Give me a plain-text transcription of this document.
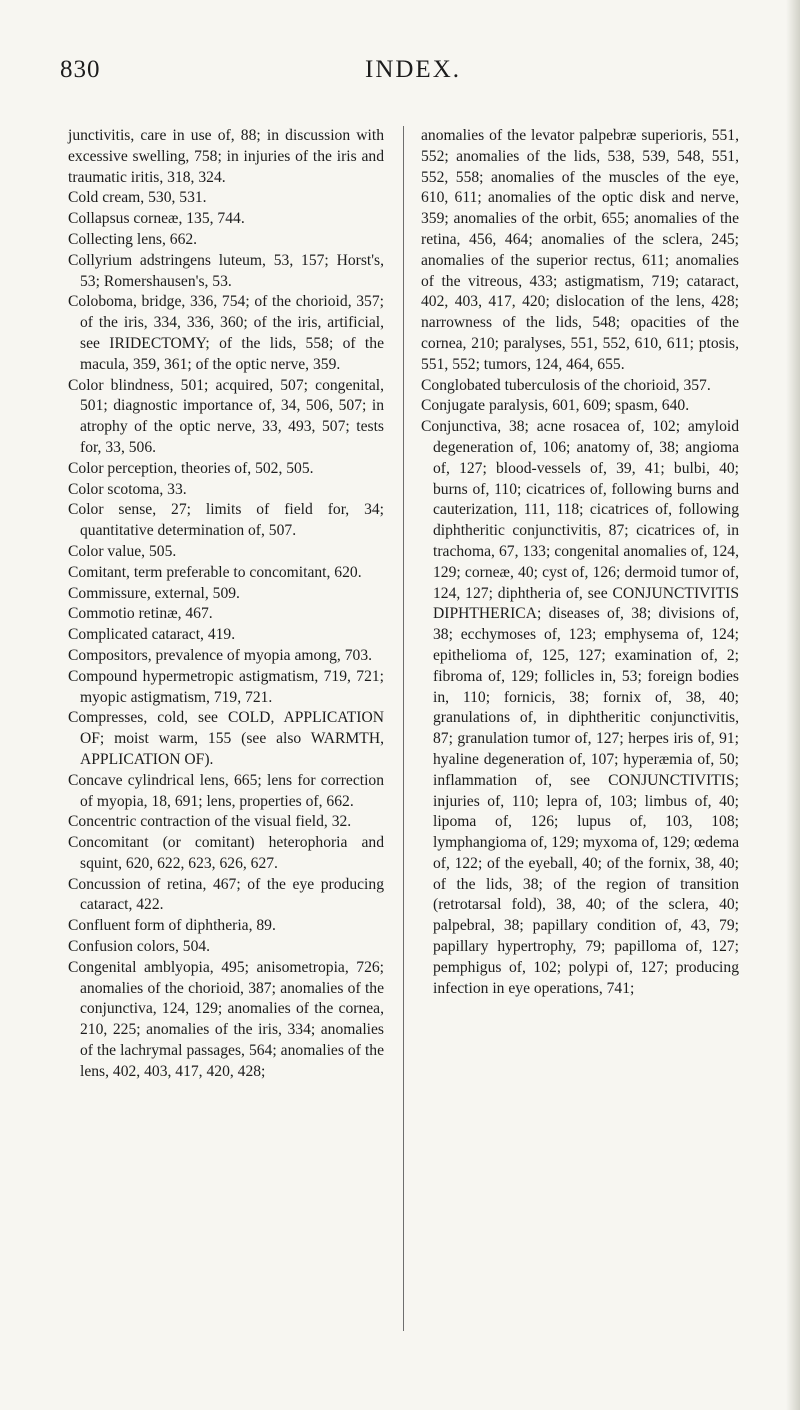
830	INDEX.

junctivitis, care in use of, 88; in discussion with excessive swelling, 758; in injuries of the iris and traumatic iritis, 318, 324.

Cold cream, 530, 531.

Collapsus corneæ, 135, 744.

Collecting lens, 662.

Collyrium adstringens luteum, 53, 157; Horst's, 53; Romershausen's, 53.

Coloboma, bridge, 336, 754; of the chorioid, 357; of the iris, 334, 336, 360; of the iris, artificial, see IRIDECTOMY; of the lids, 558; of the macula, 359, 361; of the optic nerve, 359.

Color blindness, 501; acquired, 507; congenital, 501; diagnostic importance of, 34, 506, 507; in atrophy of the optic nerve, 33, 493, 507; tests for, 33, 506.

Color perception, theories of, 502, 505.

Color scotoma, 33.

Color sense, 27; limits of field for, 34; quantitative determination of, 507.

Color value, 505.

Comitant, term preferable to concomitant, 620.

Commissure, external, 509.

Commotio retinæ, 467.

Complicated cataract, 419.

Compositors, prevalence of myopia among, 703.

Compound hypermetropic astigmatism, 719, 721; myopic astigmatism, 719, 721.

Compresses, cold, see COLD, APPLICATION OF; moist warm, 155 (see also WARMTH, APPLICATION OF).

Concave cylindrical lens, 665; lens for correction of myopia, 18, 691; lens, properties of, 662.

Concentric contraction of the visual field, 32.

Concomitant (or comitant) heterophoria and squint, 620, 622, 623, 626, 627.

Concussion of retina, 467; of the eye producing cataract, 422.

Confluent form of diphtheria, 89.

Confusion colors, 504.

Congenital amblyopia, 495; anisometropia, 726; anomalies of the chorioid, 387; anomalies of the conjunctiva, 124, 129; anomalies of the cornea, 210, 225; anomalies of the iris, 334; anomalies of the lachrymal passages, 564; anomalies of the lens, 402, 403, 417, 420, 428;

anomalies of the levator palpebræ superioris, 551, 552; anomalies of the lids, 538, 539, 548, 551, 552, 558; anomalies of the muscles of the eye, 610, 611; anomalies of the optic disk and nerve, 359; anomalies of the orbit, 655; anomalies of the retina, 456, 464; anomalies of the sclera, 245; anomalies of the superior rectus, 611; anomalies of the vitreous, 433; astigmatism, 719; cataract, 402, 403, 417, 420; dislocation of the lens, 428; narrowness of the lids, 548; opacities of the cornea, 210; paralyses, 551, 552, 610, 611; ptosis, 551, 552; tumors, 124, 464, 655.

Conglobated tuberculosis of the chorioid, 357.

Conjugate paralysis, 601, 609; spasm, 640.

Conjunctiva, 38; acne rosacea of, 102; amyloid degeneration of, 106; anatomy of, 38; angioma of, 127; blood-vessels of, 39, 41; bulbi, 40; burns of, 110; cicatrices of, following burns and cauterization, 111, 118; cicatrices of, following diphtheritic conjunctivitis, 87; cicatrices of, in trachoma, 67, 133; congenital anomalies of, 124, 129; corneæ, 40; cyst of, 126; dermoid tumor of, 124, 127; diphtheria of, see CONJUNCTIVITIS DIPHTHERICA; diseases of, 38; divisions of, 38; ecchymoses of, 123; emphysema of, 124; epithelioma of, 125, 127; examination of, 2; fibroma of, 129; follicles in, 53; foreign bodies in, 110; fornicis, 38; fornix of, 38, 40; granulations of, in diphtheritic conjunctivitis, 87; granulation tumor of, 127; herpes iris of, 91; hyaline degeneration of, 107; hyperæmia of, 50; inflammation of, see CONJUNCTIVITIS; injuries of, 110; lepra of, 103; limbus of, 40; lipoma of, 126; lupus of, 103, 108; lymphangioma of, 129; myxoma of, 129; œdema of, 122; of the eyeball, 40; of the fornix, 38, 40; of the lids, 38; of the region of transition (retrotarsal fold), 38, 40; of the sclera, 40; palpebral, 38; papillary condition of, 43, 79; papillary hypertrophy, 79; papilloma of, 127; pemphigus of, 102; polypi of, 127; producing infection in eye operations, 741;
